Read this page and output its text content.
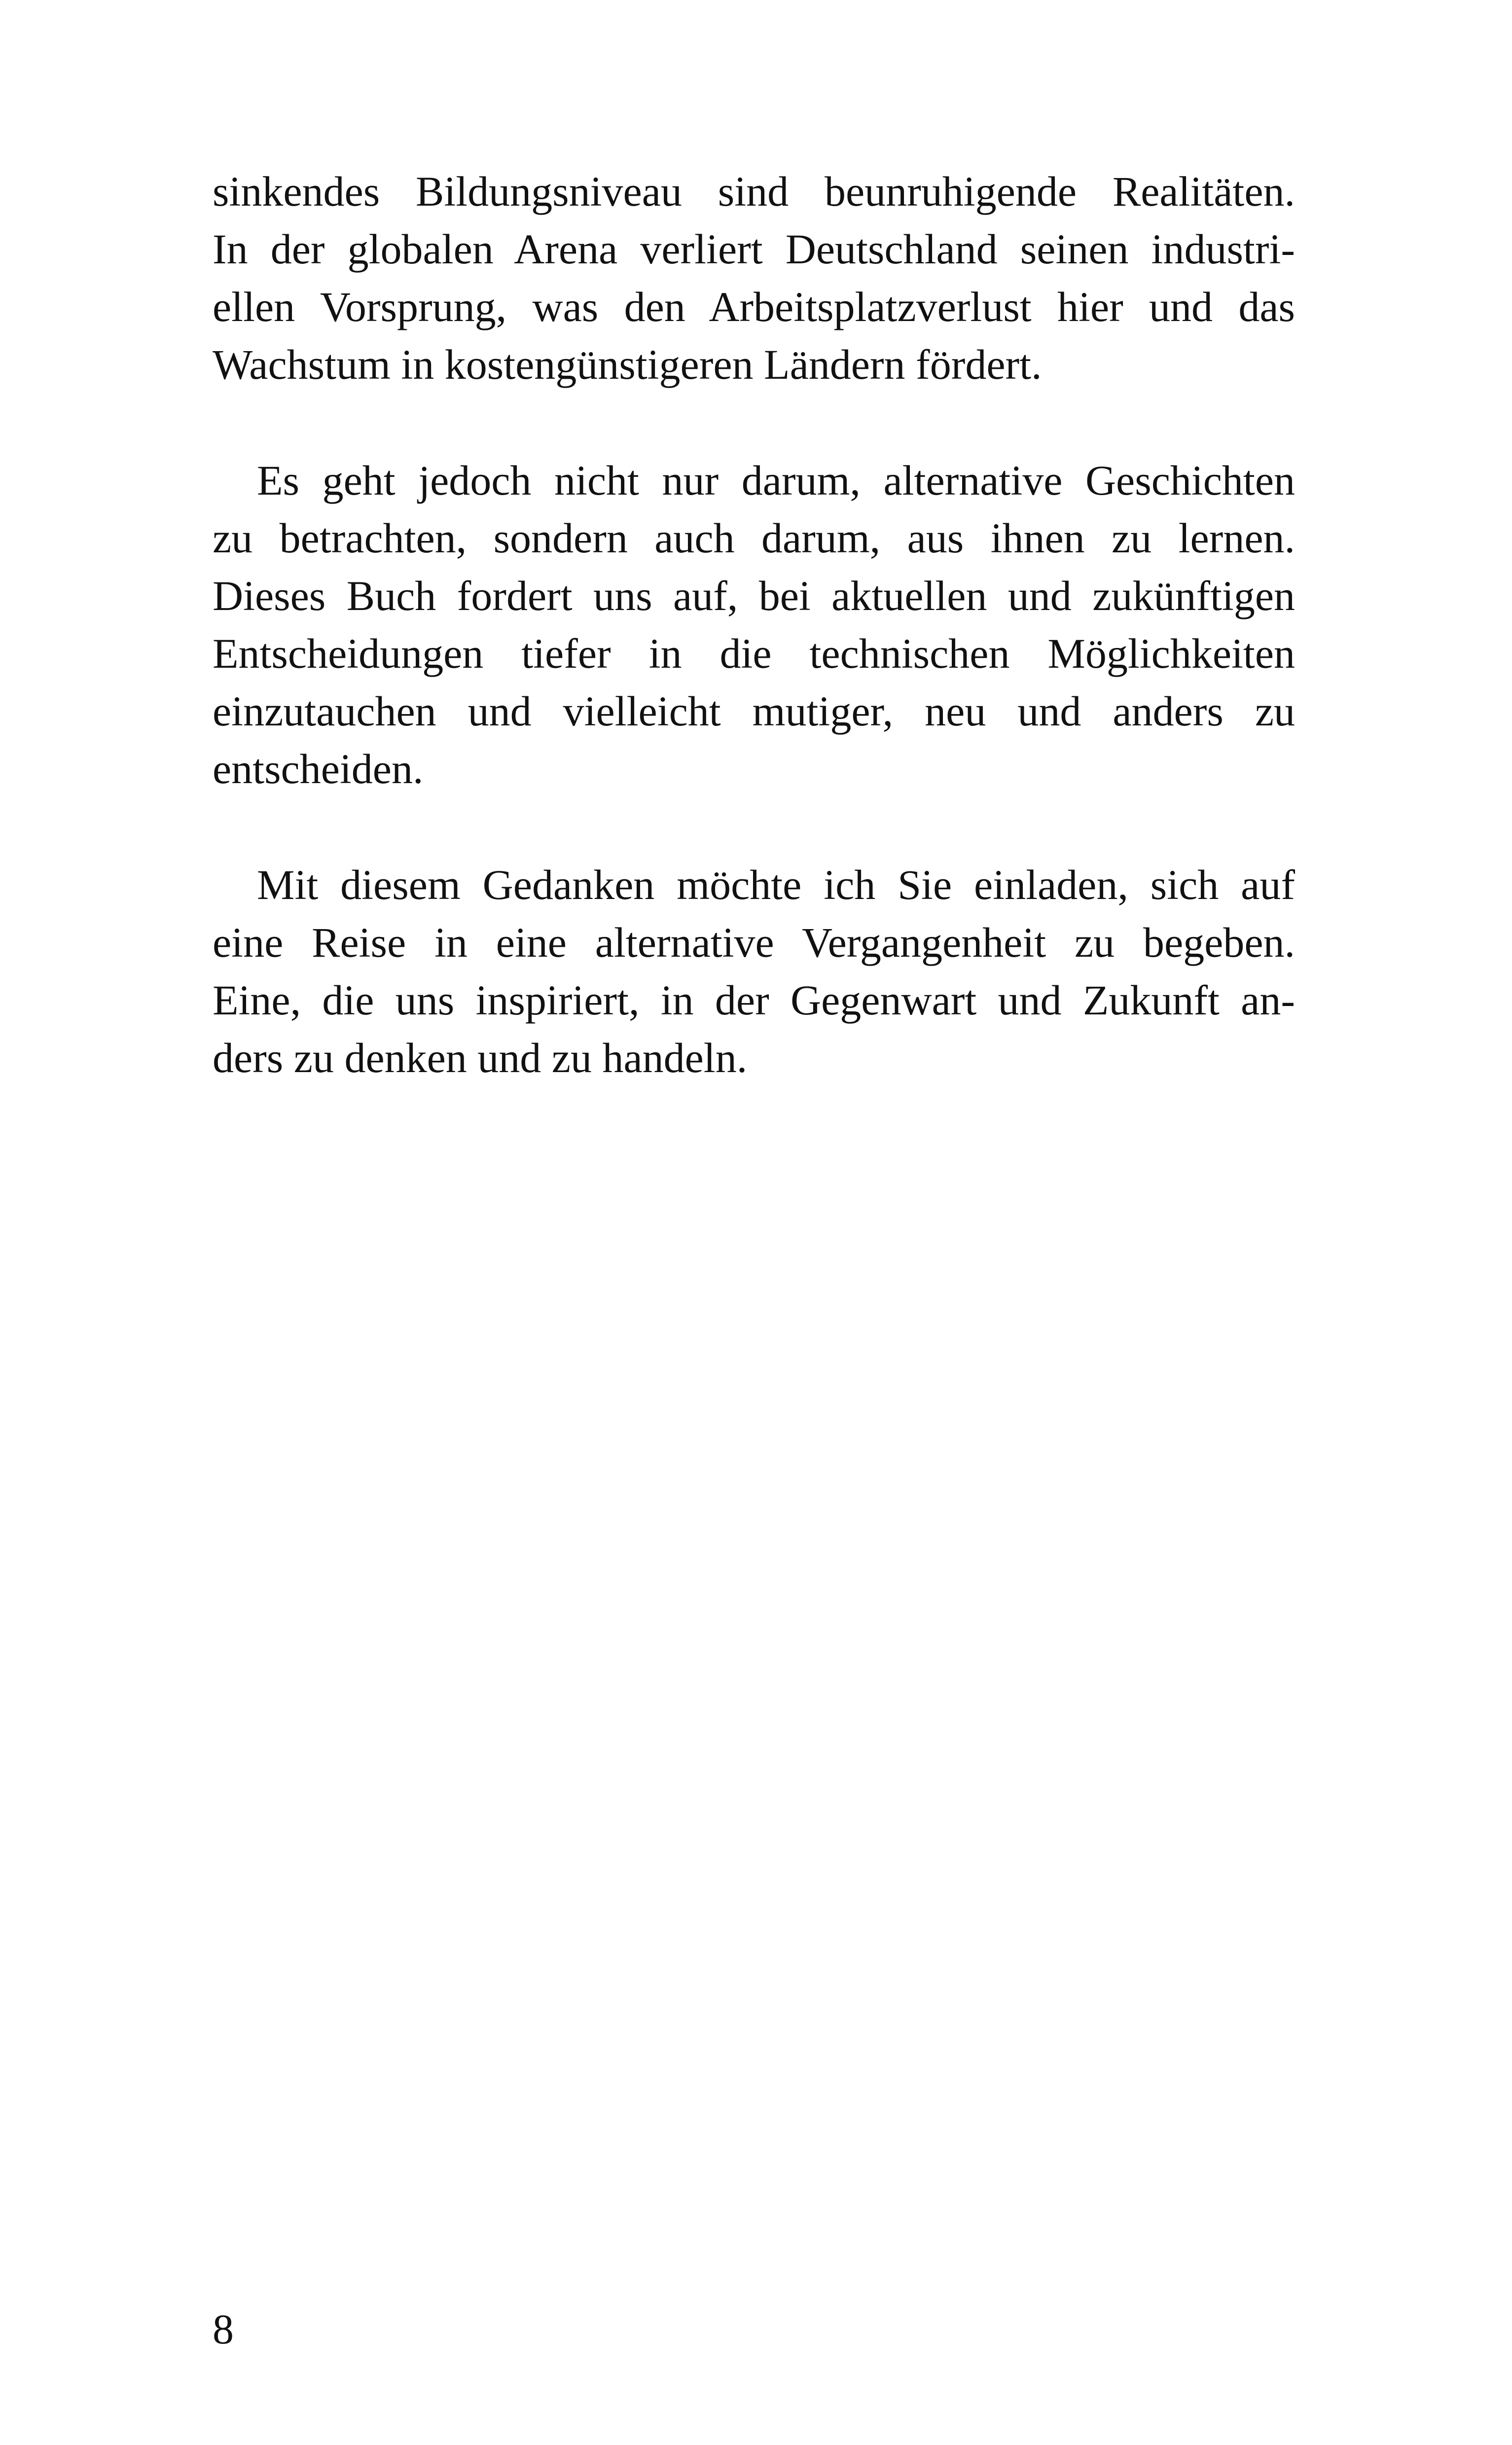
sinkendes Bildungsniveau sind beunruhigende Realitäten.
In der globalen Arena verliert Deutschland seinen industri-
ellen Vorsprung, was den Arbeitsplatzverlust hier und das
Wachstum in kostengünstigeren Ländern fördert.

Es geht jedoch nicht nur darum, alternative Geschichten
zu betrachten, sondern auch darum, aus ihnen zu lernen.
Dieses Buch fordert uns auf, bei aktuellen und zukünftigen
Entscheidungen tiefer in die technischen Möglichkeiten
einzutauchen und vielleicht mutiger, neu und anders zu
entscheiden.

Mit diesem Gedanken möchte ich Sie einladen, sich auf
eine Reise in eine alternative Vergangenheit zu begeben.
Eine, die uns inspiriert, in der Gegenwart und Zukunft an-
ders zu denken und zu handeln.

8
